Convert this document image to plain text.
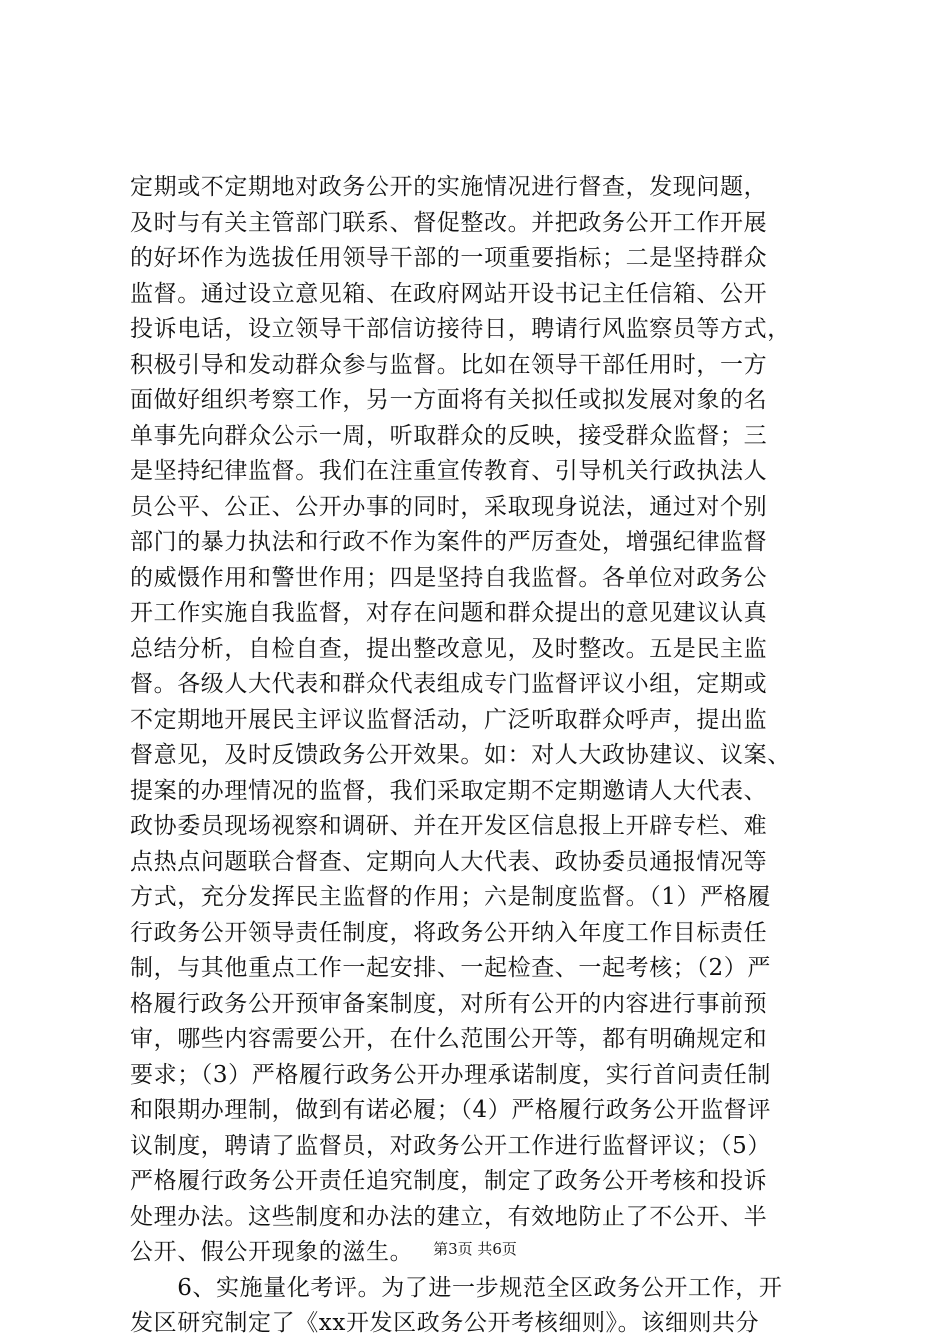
定期或不定期地对政务公开的实施情况进行督查，发现问题，
及时与有关主管部门联系、督促整改。并把政务公开工作开展
的好坏作为选拔任用领导干部的一项重要指标；二是坚持群众
监督。通过设立意见箱、在政府网站开设书记主任信箱、公开
投诉电话，设立领导干部信访接待日，聘请行风监察员等方式，
积极引导和发动群众参与监督。比如在领导干部任用时，一方
面做好组织考察工作，另一方面将有关拟任或拟发展对象的名
单事先向群众公示一周，听取群众的反映，接受群众监督；三
是坚持纪律监督。我们在注重宣传教育、引导机关行政执法人
员公平、公正、公开办事的同时，采取现身说法，通过对个别
部门的暴力执法和行政不作为案件的严厉查处，增强纪律监督
的威慑作用和警世作用；四是坚持自我监督。各单位对政务公
开工作实施自我监督，对存在问题和群众提出的意见建议认真
总结分析，自检自查，提出整改意见，及时整改。五是民主监
督。各级人大代表和群众代表组成专门监督评议小组，定期或
不定期地开展民主评议监督活动，广泛听取群众呼声，提出监
督意见，及时反馈政务公开效果。如：对人大政协建议、议案、
提案的办理情况的监督，我们采取定期不定期邀请人大代表、
政协委员现场视察和调研、并在开发区信息报上开辟专栏、难
点热点问题联合督查、定期向人大代表、政协委员通报情况等
方式，充分发挥民主监督的作用；六是制度监督。（1）严格履
行政务公开领导责任制度，将政务公开纳入年度工作目标责任
制，与其他重点工作一起安排、一起检查、一起考核；（2）严
格履行政务公开预审备案制度，对所有公开的内容进行事前预
审，哪些内容需要公开，在什么范围公开等，都有明确规定和
要求；（3）严格履行政务公开办理承诺制度，实行首问责任制
和限期办理制，做到有诺必履；（4）严格履行政务公开监督评
议制度，聘请了监督员，对政务公开工作进行监督评议；（5）
严格履行政务公开责任追究制度，制定了政务公开考核和投诉
处理办法。这些制度和办法的建立，有效地防止了不公开、半
公开、假公开现象的滋生。
　　6、实施量化考评。为了进一步规范全区政务公开工作，开
发区研究制定了《xx开发区政务公开考核细则》。该细则共分
第3页 共6页
